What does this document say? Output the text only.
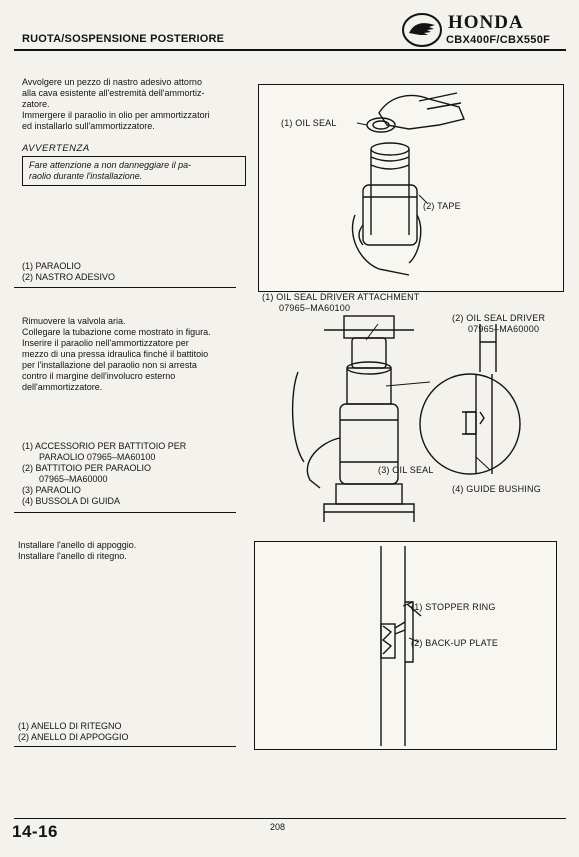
RUOTA/SOSPENSIONE POSTERIORE
HONDA
CBX400F/CBX550F
Avvolgere un pezzo di nastro adesivo attorno
alla cava esistente all'estremità dell'ammortiz-
zatore.
Immergere il paraolio in olio per ammortizzatori
ed installarlo sull'ammortizzatore.
AVVERTENZA
Fare attenzione a non danneggiare il pa-
raolio durante l'installazione.
(1) PARAOLIO
(2) NASTRO ADESIVO
(1) OIL SEAL
(2) TAPE
Rimuovere la valvola aria.
Collegare la tubazione come mostrato in figura.
Inserire il paraolio nell'ammortizzatore per
mezzo di una pressa idraulica finché il battitoio
per l'installazione del paraolio non si arresta
contro il margine dell'involucro esterno
dell'ammortizzatore.
(1) ACCESSORIO PER BATTITOIO PER
PARAOLIO 07965–MA60100
(2) BATTITOIO PER PARAOLIO
07965–MA60000
(3) PARAOLIO
(4) BUSSOLA DI GUIDA
(1) OIL SEAL DRIVER ATTACHMENT
07965–MA60100
(2) OIL SEAL DRIVER
07965–MA60000
(3) OIL SEAL
(4) GUIDE BUSHING
Installare l'anello di appoggio.
Installare l'anello di ritegno.
(1) ANELLO DI RITEGNO
(2) ANELLO DI APPOGGIO
(1) STOPPER RING
(2) BACK-UP PLATE
14-16	208
